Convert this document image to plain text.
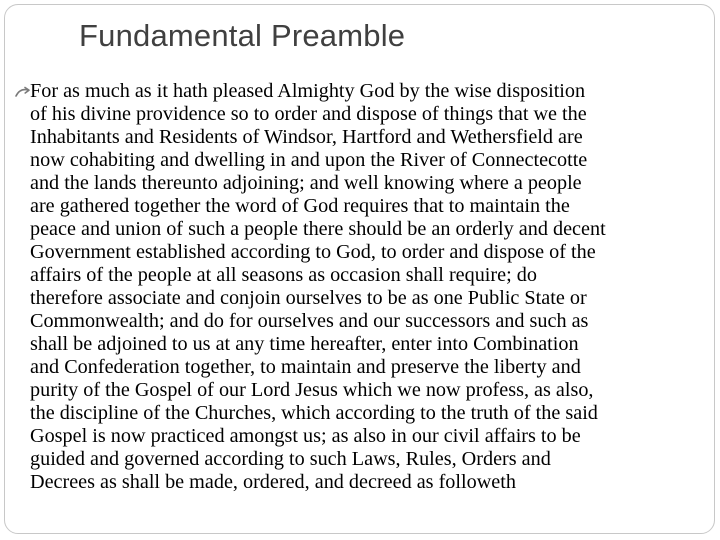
Fundamental Preamble
For as much as it hath pleased Almighty God by the wise disposition
of his divine providence so to order and dispose of things that we the
Inhabitants and Residents of Windsor, Hartford and Wethersfield are
now cohabiting and dwelling in and upon the River of Connectecotte
and the lands thereunto adjoining; and well knowing where a people
are gathered together the word of God requires that to maintain the
peace and union of such a people there should be an orderly and decent
Government established according to God, to order and dispose of the
affairs of the people at all seasons as occasion shall require; do
therefore associate and conjoin ourselves to be as one Public State or
Commonwealth; and do for ourselves and our successors and such as
shall be adjoined to us at any time hereafter, enter into Combination
and Confederation together, to maintain and preserve the liberty and
purity of the Gospel of our Lord Jesus which we now profess, as also,
the discipline of the Churches, which according to the truth of the said
Gospel is now practiced amongst us; as also in our civil affairs to be
guided and governed according to such Laws, Rules, Orders and
Decrees as shall be made, ordered, and decreed as followeth
